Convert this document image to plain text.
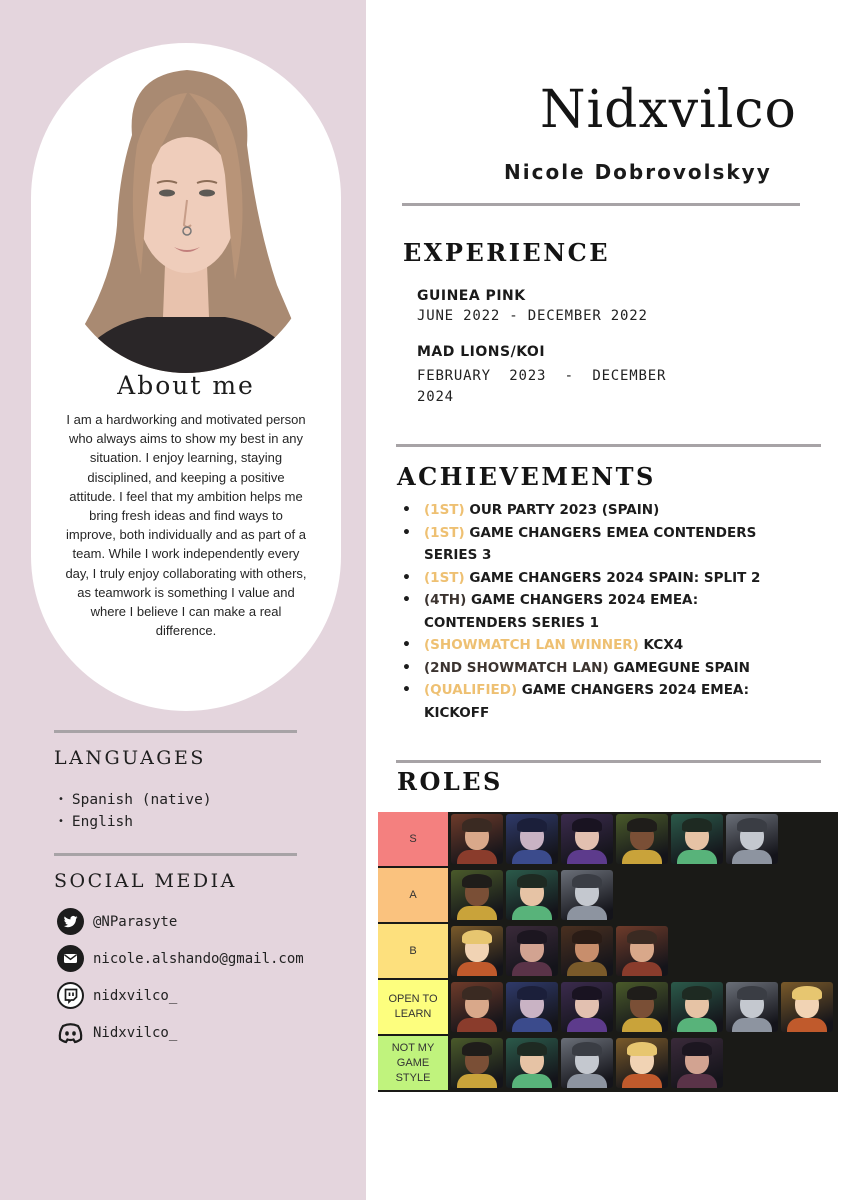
About me
I am a hardworking and motivated person who always aims to show my best in any situation. I enjoy learning, staying disciplined, and keeping a positive attitude. I feel that my ambition helps me bring fresh ideas and find ways to improve, both individually and as part of a team. While I work independently every day, I truly enjoy collaborating with others, as teamwork is something I value and where I believe I can make a real difference.
LANGUAGES
• Spanish (native)
• English
SOCIAL MEDIA
@NParasyte
nicole.alshando@gmail.com
nidxvilco_
Nidxvilco_
Nidxvilco
Nicole Dobrovolskyy
EXPERIENCE
GUINEA PINK
JUNE 2022 - DECEMBER 2022
MAD LIONS/KOI
FEBRUARY  2023  -  DECEMBER 2024
ACHIEVEMENTS
• (1ST) OUR PARTY 2023 (SPAIN)
• (1ST) GAME CHANGERS EMEA CONTENDERS SERIES 3
• (1ST) GAME CHANGERS 2024 SPAIN: SPLIT 2
• (4TH) GAME CHANGERS 2024 EMEA: CONTENDERS SERIES 1
• (SHOWMATCH LAN WINNER) KCX4
• (2ND SHOWMATCH LAN) GAMEGUNE SPAIN
• (QUALIFIED) GAME CHANGERS 2024 EMEA: KICKOFF
ROLES
S
A
B
OPEN TO LEARN
NOT MY GAME STYLE
